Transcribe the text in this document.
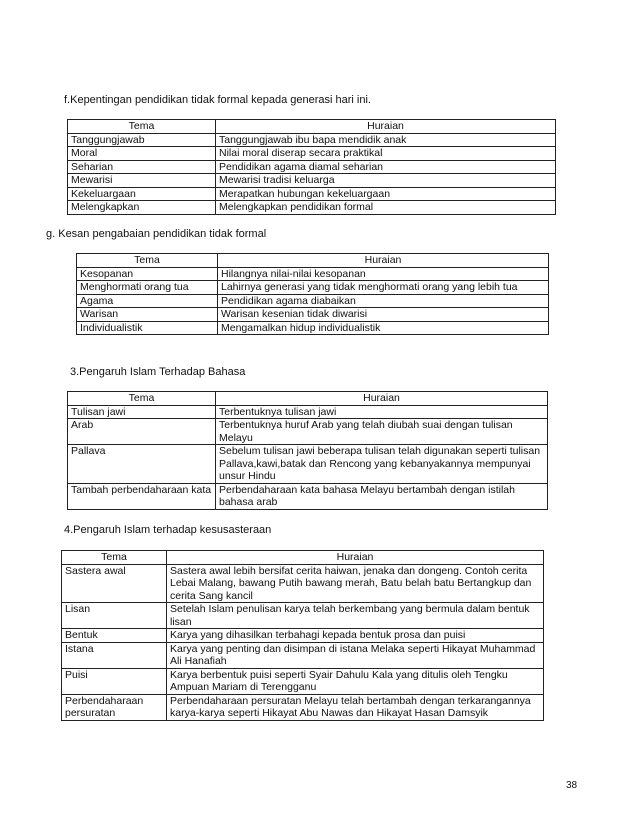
f.Kepentingan pendidikan tidak formal kepada generasi hari ini.
Tema	Huraian
Tanggungjawab	Tanggungjawab ibu bapa mendidik anak
Moral	Nilai moral diserap secara praktikal
Seharian	Pendidikan agama diamal seharian
Mewarisi	Mewarisi tradisi keluarga
Kekeluargaan	Merapatkan hubungan kekeluargaan
Melengkapkan	Melengkapkan pendidikan formal
g. Kesan pengabaian pendidikan tidak formal
Tema	Huraian
Kesopanan	Hilangnya nilai-nilai kesopanan
Menghormati orang tua	Lahirnya generasi yang tidak menghormati orang yang lebih tua
Agama	Pendidikan agama diabaikan
Warisan	Warisan kesenian tidak diwarisi
Individualistik	Mengamalkan hidup individualistik
3.Pengaruh Islam Terhadap Bahasa
Tema	Huraian
Tulisan jawi	Terbentuknya tulisan jawi
Arab	Terbentuknya huruf Arab yang telah diubah suai dengan tulisan Melayu
Pallava	Sebelum tulisan jawi beberapa tulisan telah digunakan seperti tulisan Pallava,kawi,batak dan Rencong yang kebanyakannya mempunyai unsur Hindu
Tambah perbendaharaan kata	Perbendaharaan kata bahasa Melayu bertambah dengan istilah bahasa arab
4.Pengaruh Islam terhadap kesusasteraan
Tema	Huraian
Sastera awal	Sastera awal lebih bersifat cerita haiwan, jenaka dan dongeng. Contoh cerita Lebai Malang, bawang Putih bawang merah, Batu belah batu Bertangkup dan cerita Sang kancil
Lisan	Setelah Islam penulisan karya telah berkembang yang bermula dalam bentuk lisan
Bentuk	Karya yang dihasilkan terbahagi kepada bentuk prosa dan puisi
Istana	Karya yang penting dan disimpan di istana Melaka seperti Hikayat Muhammad Ali Hanafiah
Puisi	Karya berbentuk puisi seperti Syair Dahulu Kala yang ditulis oleh Tengku Ampuan Mariam di Terengganu
Perbendaharaan persuratan	Perbendaharaan persuratan Melayu telah bertambah dengan terkarangannya karya-karya seperti Hikayat Abu Nawas dan Hikayat Hasan Damsyik
38
